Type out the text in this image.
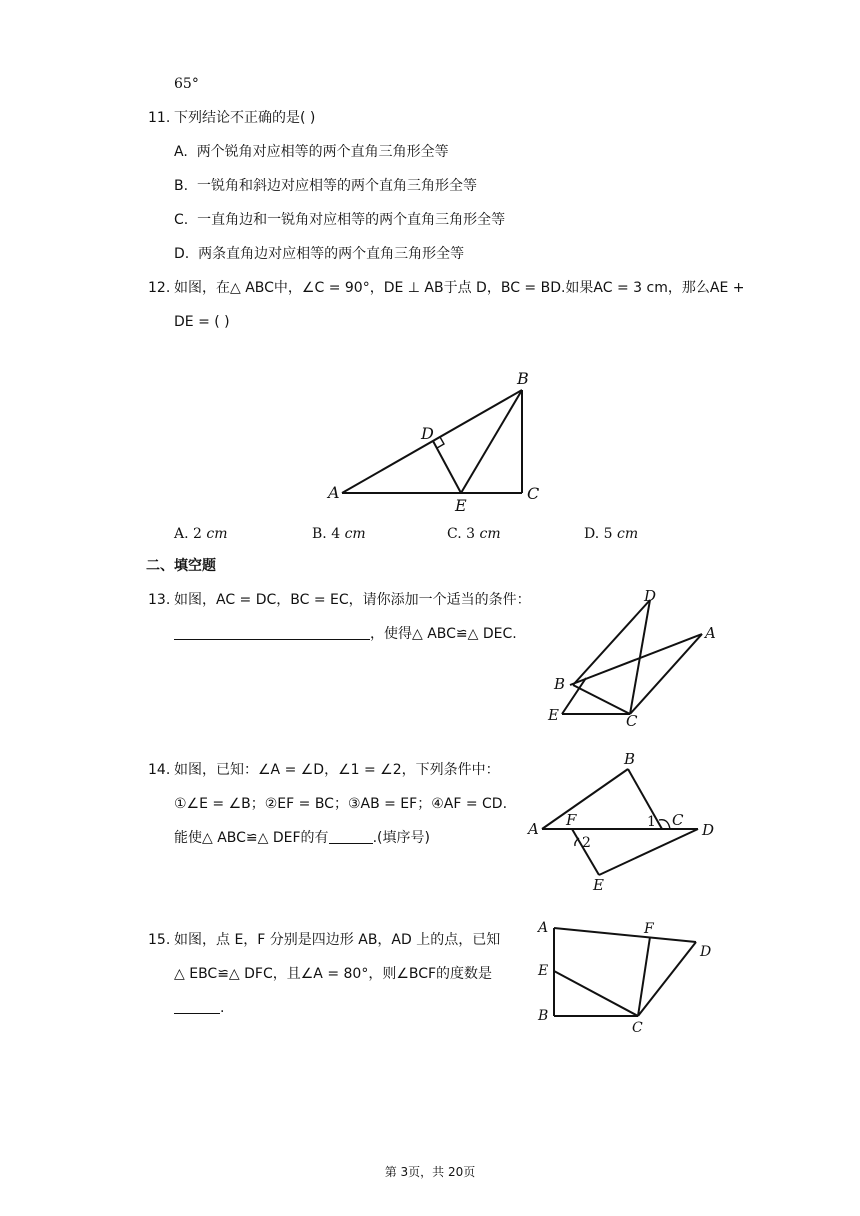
65°
11. 下列结论不正确的是( )
A. 两个锐角对应相等的两个直角三角形全等
B. 一锐角和斜边对应相等的两个直角三角形全等
C. 一直角边和一锐角对应相等的两个直角三角形全等
D. 两条直角边对应相等的两个直角三角形全等
12. 如图，在△ ABC中，∠C = 90°，DE ⊥ AB于点 D，BC = BD.如果AC = 3 cm，那么AE +
DE = ( )
A
B
C
D
E
A. 2 cm	B. 4 cm	C. 3 cm	D. 5 cm
二、填空题
13. 如图，AC = DC，BC = EC，请你添加一个适当的条件：
，使得△ ABC≌△ DEC.
D
A
B
E	C
14. 如图，已知：∠A = ∠D，∠1 = ∠2，下列条件中：
①∠E = ∠B；②EF = BC；③AB = EF；④AF = CD.
能使△ ABC≌△ DEF的有	.(填序号)	A
B
C
D
E
F	1
2
15. 如图，点 E，F 分别是四边形 AB，AD 上的点，已知
△ EBC≌△ DFC，且∠A = 80°，则∠BCF的度数是
.
A
B
C
D
E
F
第 3页，共 20页
